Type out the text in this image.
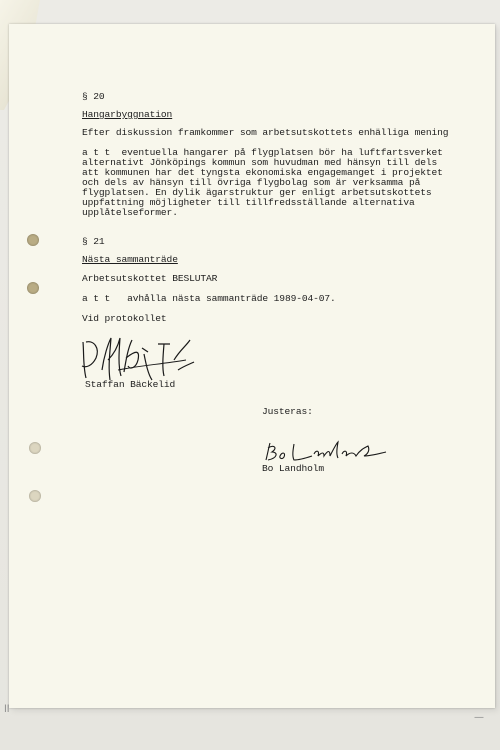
§ 20
Hangarbyggnation
Efter diskussion framkommer som arbetsutskottets enhälliga mening
a t t  eventuella hangarer på flygplatsen bör ha luftfartsverket
alternativt Jönköpings kommun som huvudman med hänsyn till dels
att kommunen har det tyngsta ekonomiska engagemanget i projektet
och dels av hänsyn till övriga flygbolag som är verksamma på
flygplatsen. En dylik ägarstruktur ger enligt arbetsutskottets
uppfattning möjligheter till tillfredsställande alternativa
upplåtelseformer.
§ 21
Nästa sammanträde
Arbetsutskottet BESLUTAR
a t t   avhålla nästa sammanträde 1989-04-07.
Vid protokollet
Staffan Bäckelid
Justeras:
Bo Landholm
ll
—
